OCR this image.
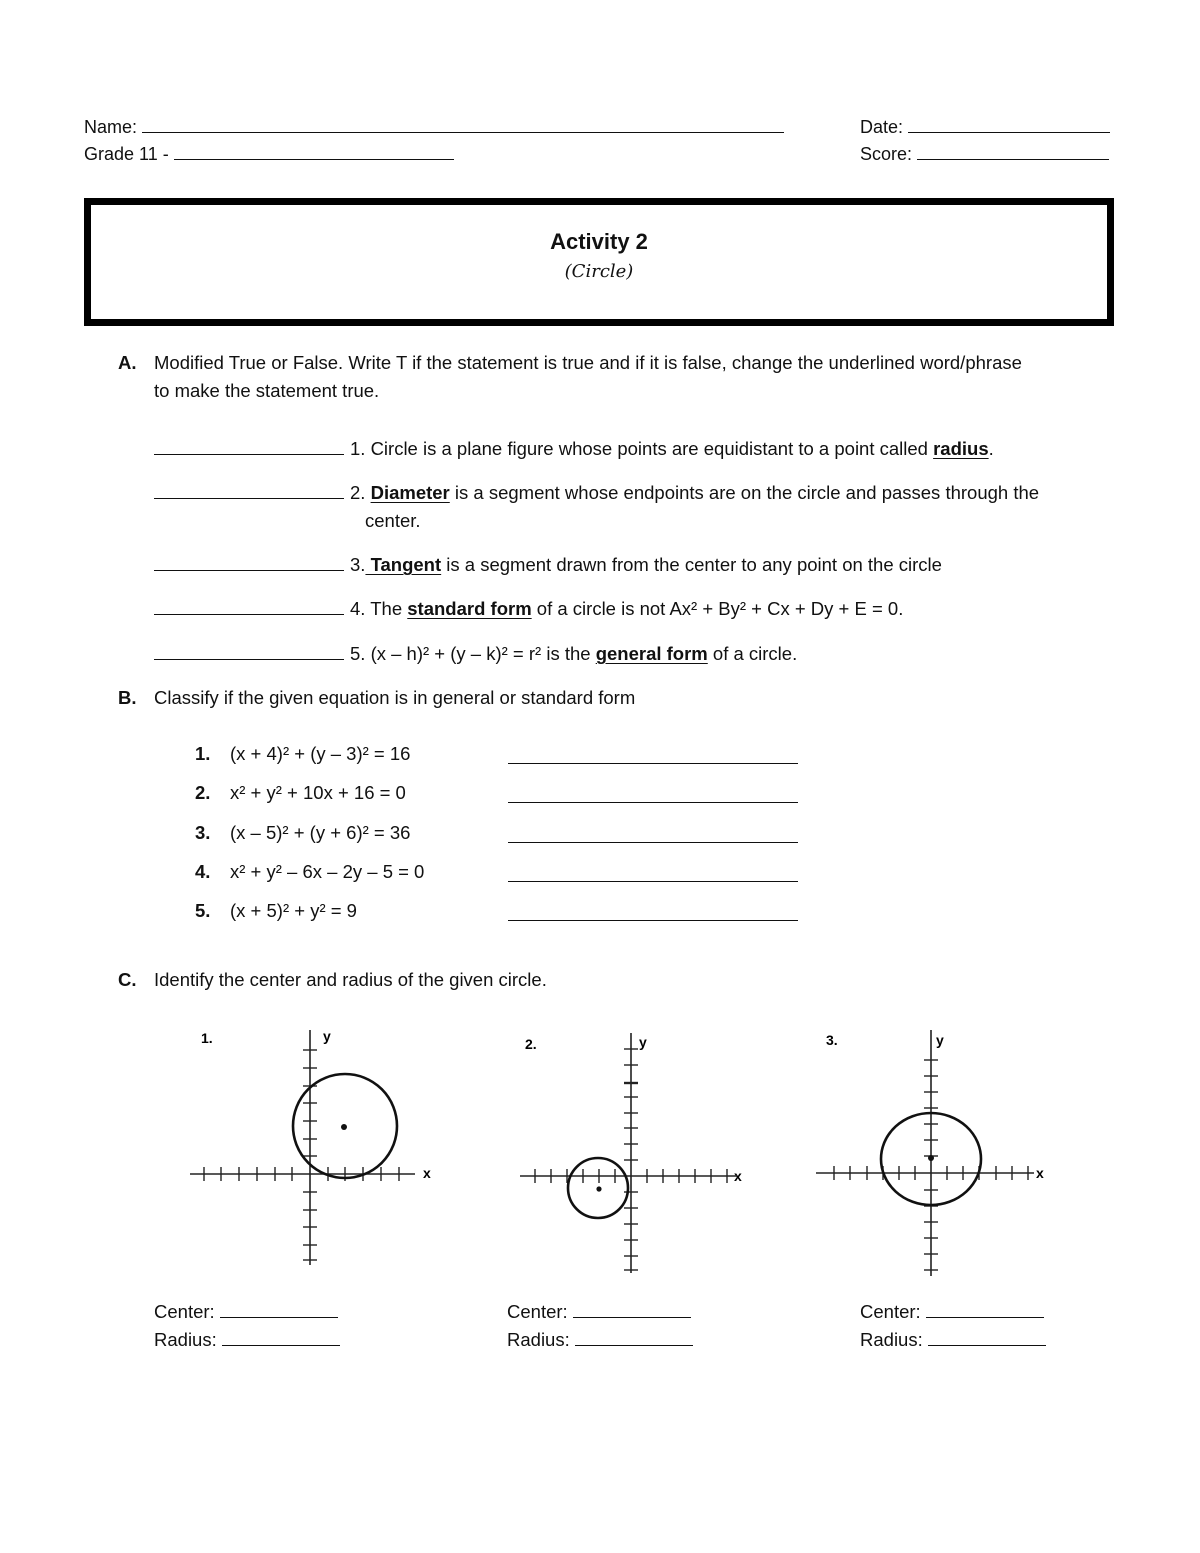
Name:	Date:
Grade 11 -	Score:
Activity 2
(Circle)
A. Modified True or False. Write T if the statement is true and if it is false, change the underlined word/phrase
to make the statement true.
1. Circle is a plane figure whose points are equidistant to a point called radius.
2. Diameter is a segment whose endpoints are on the circle and passes through the
center.
3. Tangent is a segment drawn from the center to any point on the circle
4. The standard form of a circle is not Ax² + By² + Cx + Dy + E = 0.
5. (x – h)² + (y – k)² = r² is the general form of a circle.
B. Classify if the given equation is in general or standard form
1. (x + 4)² + (y – 3)² = 16
2. x² + y² + 10x + 16 = 0
3. (x – 5)² + (y + 6)² = 36
4. x² + y² – 6x – 2y – 5 = 0
5. (x + 5)² + y² = 9
C. Identify the center and radius of the given circle.
1.	y
x
2.	y
x
3.	y
x
Center:
Radius:
Center:
Radius:
Center:
Radius:
